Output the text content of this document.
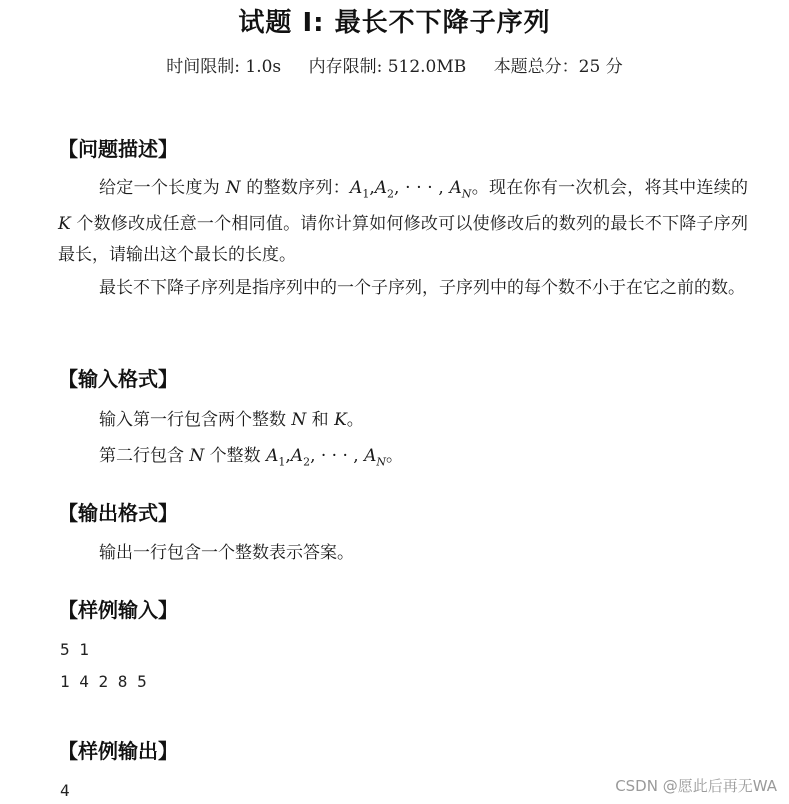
试题 I: 最长不下降子序列
时间限制: 1.0s 内存限制: 512.0MB 本题总分：25 分
【问题描述】
给定一个长度为 N 的整数序列：$A_1,A_2$, · · · , $A_N$。现在你有一次机会，将其中连续的 K 个数修改成任意一个相同值。请你计算如何修改可以使修改后的数列的最长不下降子序列最长，请输出这个最长的长度。
最长不下降子序列是指序列中的一个子序列，子序列中的每个数不小于在它之前的数。
【输入格式】
输入第一行包含两个整数 N 和 K。
第二行包含 N 个整数 $A_1,A_2$, · · · , $A_N$。
【输出格式】
输出一行包含一个整数表示答案。
【样例输入】
5 1
1 4 2 8 5
【样例输出】
4	CSDN @愿此后再无WA
